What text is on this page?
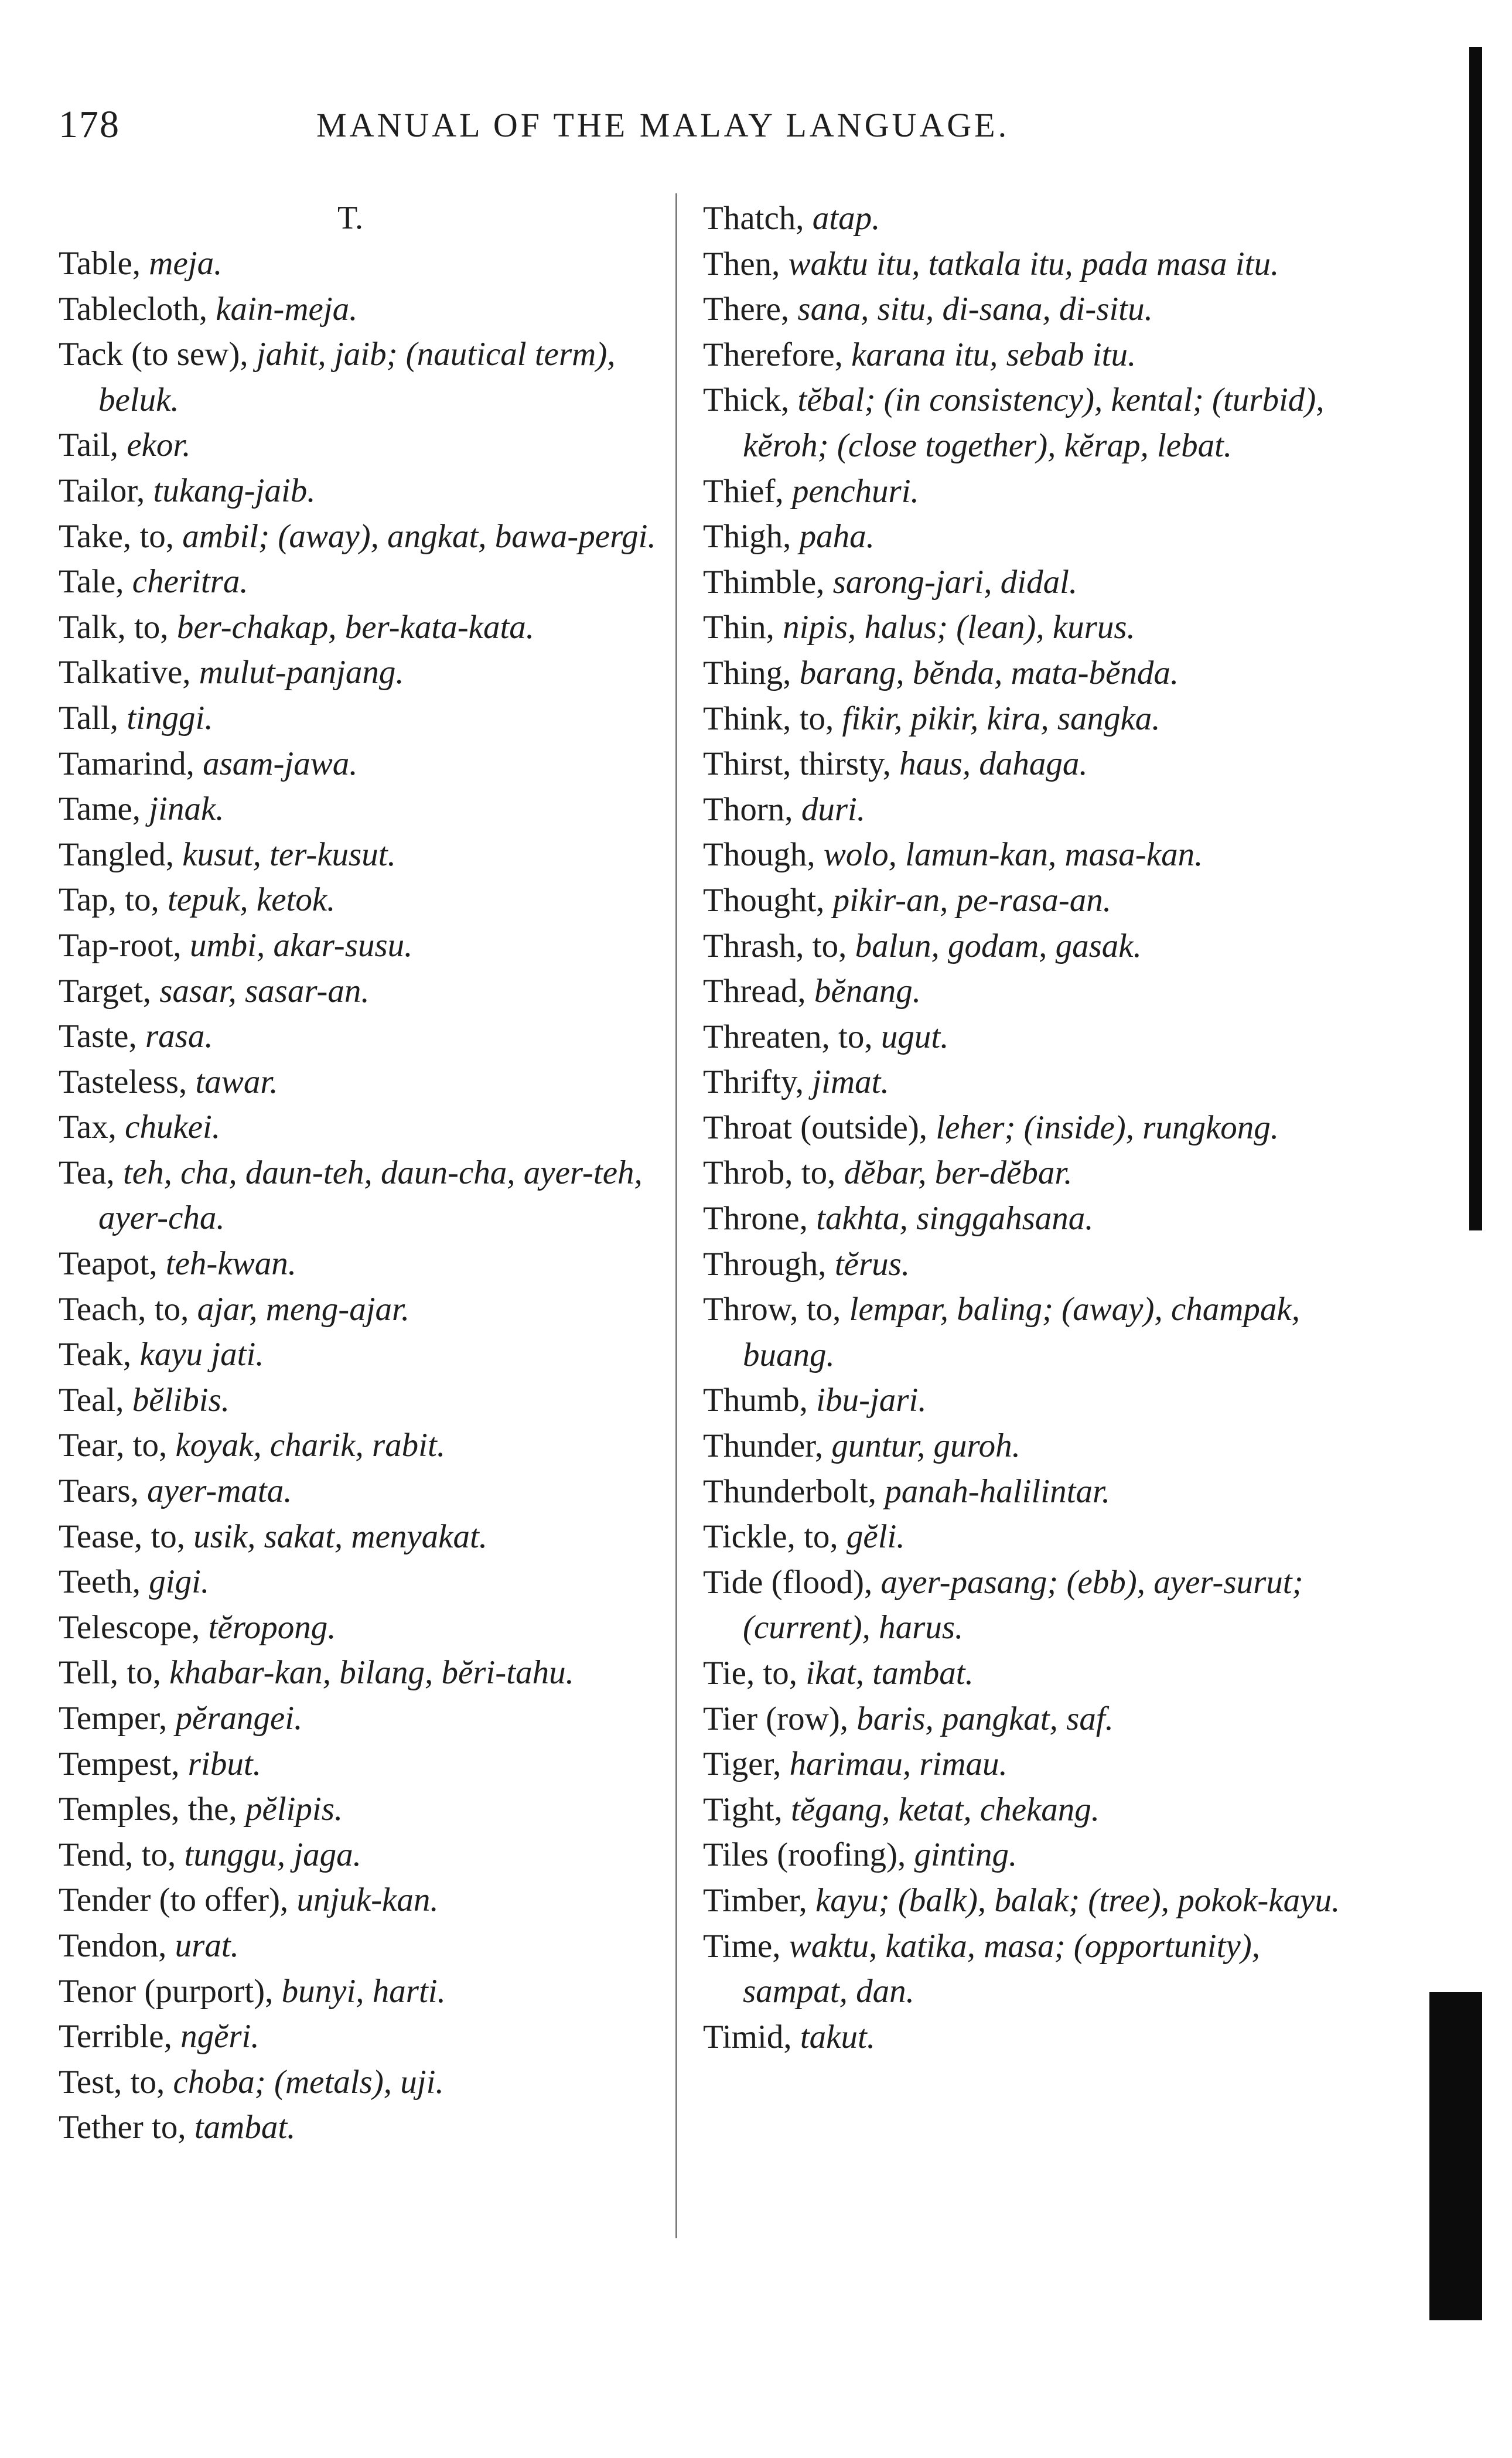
178	MANUAL OF THE MALAY LANGUAGE.
T.
Table, meja.
Tablecloth, kain-meja.
Tack (to sew), jahit, jaib; (nautical term), beluk.
Tail, ekor.
Tailor, tukang-jaib.
Take, to, ambil; (away), angkat, bawa-pergi.
Tale, cheritra.
Talk, to, ber-chakap, ber-kata-kata.
Talkative, mulut-panjang.
Tall, tinggi.
Tamarind, asam-jawa.
Tame, jinak.
Tangled, kusut, ter-kusut.
Tap, to, tepuk, ketok.
Tap-root, umbi, akar-susu.
Target, sasar, sasar-an.
Taste, rasa.
Tasteless, tawar.
Tax, chukei.
Tea, teh, cha, daun-teh, daun-cha, ayer-teh, ayer-cha.
Teapot, teh-kwan.
Teach, to, ajar, meng-ajar.
Teak, kayu jati.
Teal, bĕlibis.
Tear, to, koyak, charik, rabit.
Tears, ayer-mata.
Tease, to, usik, sakat, menyakat.
Teeth, gigi.
Telescope, tĕropong.
Tell, to, khabar-kan, bilang, bĕri-tahu.
Temper, pĕrangei.
Tempest, ribut.
Temples, the, pĕlipis.
Tend, to, tunggu, jaga.
Tender (to offer), unjuk-kan.
Tendon, urat.
Tenor (purport), bunyi, harti.
Terrible, ngĕri.
Test, to, choba; (metals), uji.
Tether to, tambat.
Thatch, atap.
Then, waktu itu, tatkala itu, pada masa itu.
There, sana, situ, di-sana, di-situ.
Therefore, karana itu, sebab itu.
Thick, tĕbal; (in consistency), kental; (turbid), kĕroh; (close together), kĕrap, lebat.
Thief, penchuri.
Thigh, paha.
Thimble, sarong-jari, didal.
Thin, nipis, halus; (lean), kurus.
Thing, barang, bĕnda, mata-bĕnda.
Think, to, fikir, pikir, kira, sangka.
Thirst, thirsty, haus, dahaga.
Thorn, duri.
Though, wolo, lamun-kan, masa-kan.
Thought, pikir-an, pe-rasa-an.
Thrash, to, balun, godam, gasak.
Thread, bĕnang.
Threaten, to, ugut.
Thrifty, jimat.
Throat (outside), leher; (inside), rungkong.
Throb, to, dĕbar, ber-dĕbar.
Throne, takhta, singgahsana.
Through, tĕrus.
Throw, to, lempar, baling; (away), champak, buang.
Thumb, ibu-jari.
Thunder, guntur, guroh.
Thunderbolt, panah-halilintar.
Tickle, to, gĕli.
Tide (flood), ayer-pasang; (ebb), ayer-surut; (current), harus.
Tie, to, ikat, tambat.
Tier (row), baris, pangkat, saf.
Tiger, harimau, rimau.
Tight, tĕgang, ketat, chekang.
Tiles (roofing), ginting.
Timber, kayu; (balk), balak; (tree), pokok-kayu.
Time, waktu, katika, masa; (opportunity), sampat, dan.
Timid, takut.
